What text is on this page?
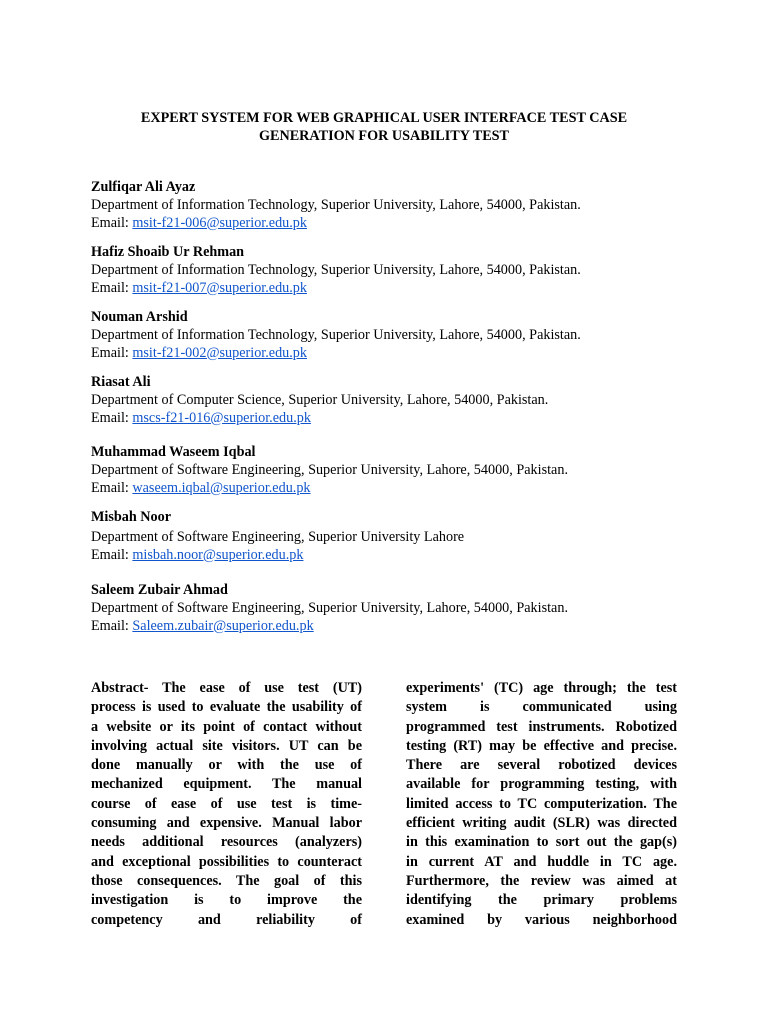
EXPERT SYSTEM FOR WEB GRAPHICAL USER INTERFACE TEST CASE
GENERATION FOR USABILITY TEST
Zulfiqar Ali Ayaz
Department of Information Technology, Superior University, Lahore, 54000, Pakistan.
Email: msit-f21-006@superior.edu.pk
Hafiz Shoaib Ur Rehman
Department of Information Technology, Superior University, Lahore, 54000, Pakistan.
Email: msit-f21-007@superior.edu.pk
Nouman Arshid
Department of Information Technology, Superior University, Lahore, 54000, Pakistan.
Email: msit-f21-002@superior.edu.pk
Riasat Ali
Department of Computer Science, Superior University, Lahore, 54000, Pakistan.
Email: mscs-f21-016@superior.edu.pk
Muhammad Waseem Iqbal
Department of Software Engineering, Superior University, Lahore, 54000, Pakistan.
Email: waseem.iqbal@superior.edu.pk
Misbah Noor
Department of Software Engineering, Superior University Lahore
Email: misbah.noor@superior.edu.pk
Saleem Zubair Ahmad
Department of Software Engineering, Superior University, Lahore, 54000, Pakistan.
Email: Saleem.zubair@superior.edu.pk
Abstract- The ease of use test (UT)
process is used to evaluate the usability of
a website or its point of contact without
involving actual site visitors. UT can be
done manually or with the use of
mechanized equipment. The manual
course of ease of use test is time-
consuming and expensive. Manual labor
needs additional resources (analyzers)
and exceptional possibilities to counteract
those consequences. The goal of this
investigation is to improve the
competency and reliability of
experiments' (TC) age through; the test
system is communicated using
programmed test instruments. Robotized
testing (RT) may be effective and precise.
There are several robotized devices
available for programming testing, with
limited access to TC computerization. The
efficient writing audit (SLR) was directed
in this examination to sort out the gap(s)
in current AT and huddle in TC age.
Furthermore, the review was aimed at
identifying the primary problems
examined by various neighborhood
